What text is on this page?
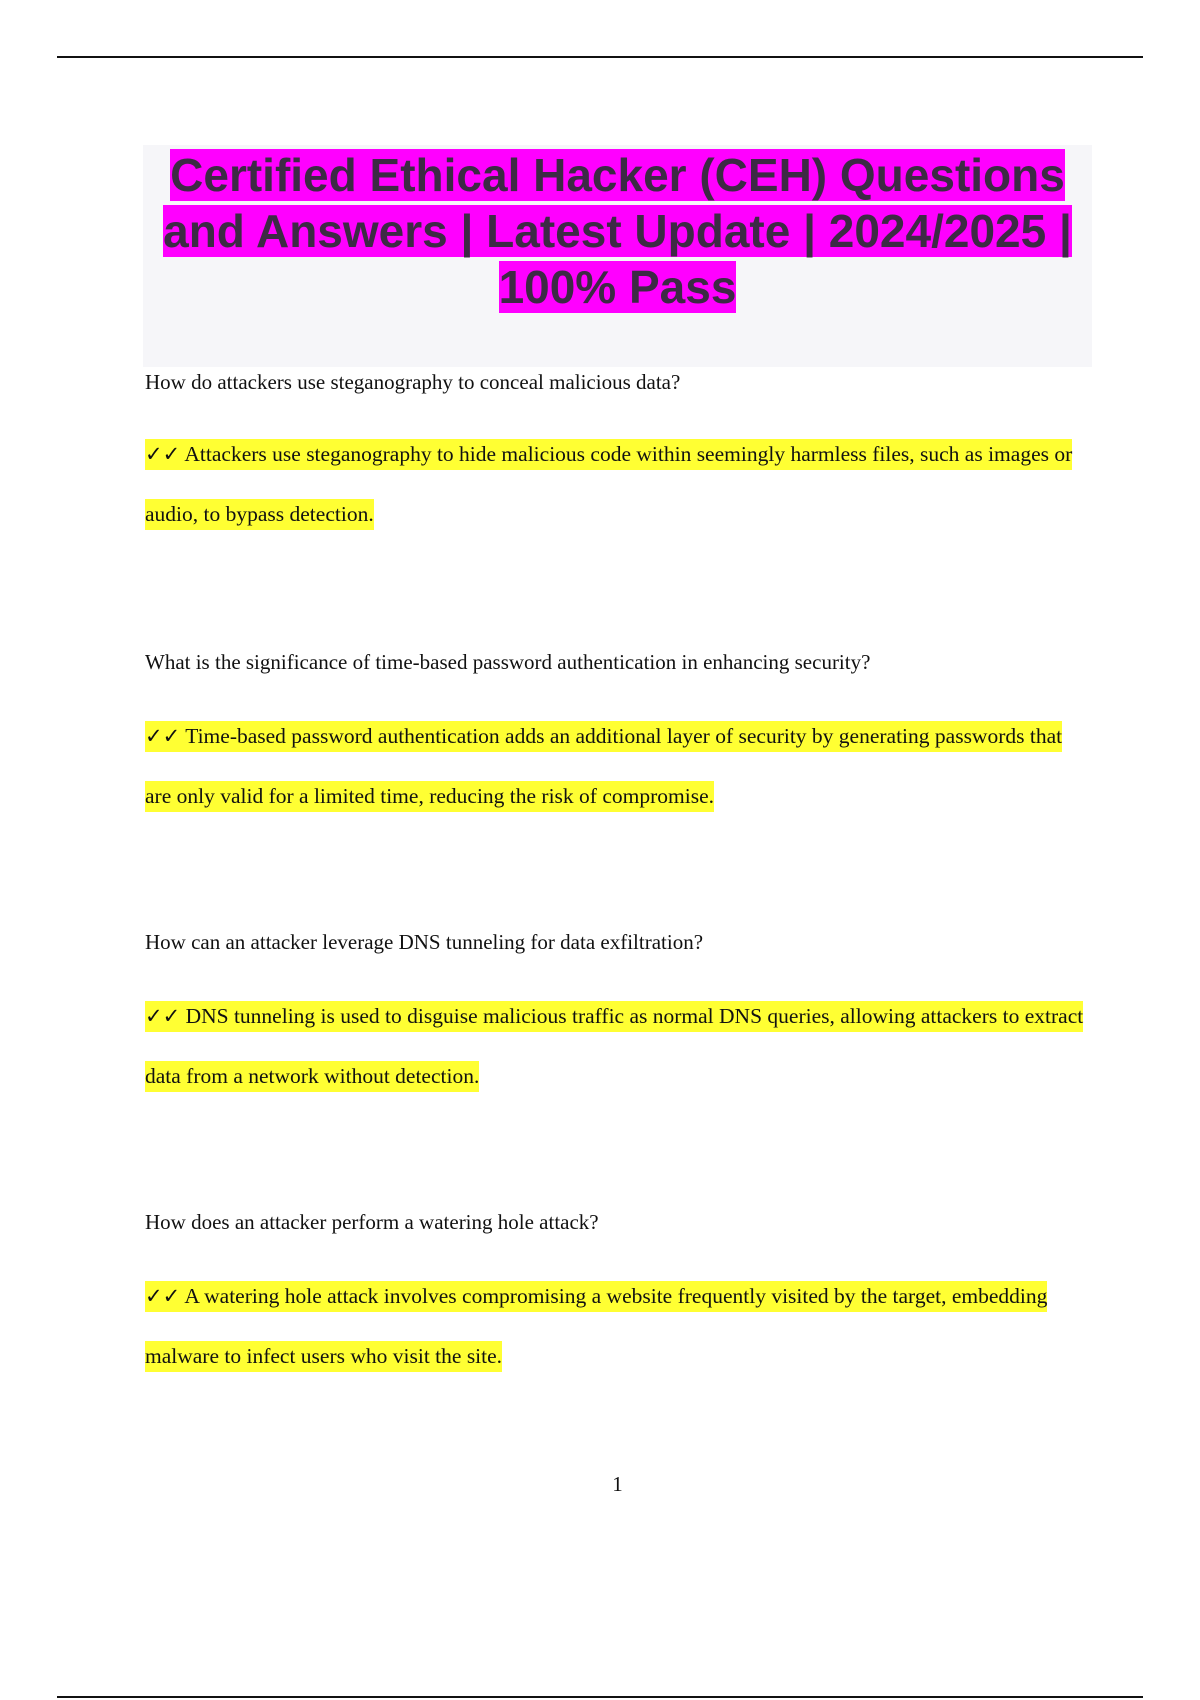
Certified Ethical Hacker (CEH) Questions and Answers | Latest Update | 2024/2025 | 100% Pass

How do attackers use steganography to conceal malicious data?

✓✓ Attackers use steganography to hide malicious code within seemingly harmless files, such as images or audio, to bypass detection.

What is the significance of time-based password authentication in enhancing security?

✓✓ Time-based password authentication adds an additional layer of security by generating passwords that are only valid for a limited time, reducing the risk of compromise.

How can an attacker leverage DNS tunneling for data exfiltration?

✓✓ DNS tunneling is used to disguise malicious traffic as normal DNS queries, allowing attackers to extract data from a network without detection.

How does an attacker perform a watering hole attack?

✓✓ A watering hole attack involves compromising a website frequently visited by the target, embedding malware to infect users who visit the site.

1
